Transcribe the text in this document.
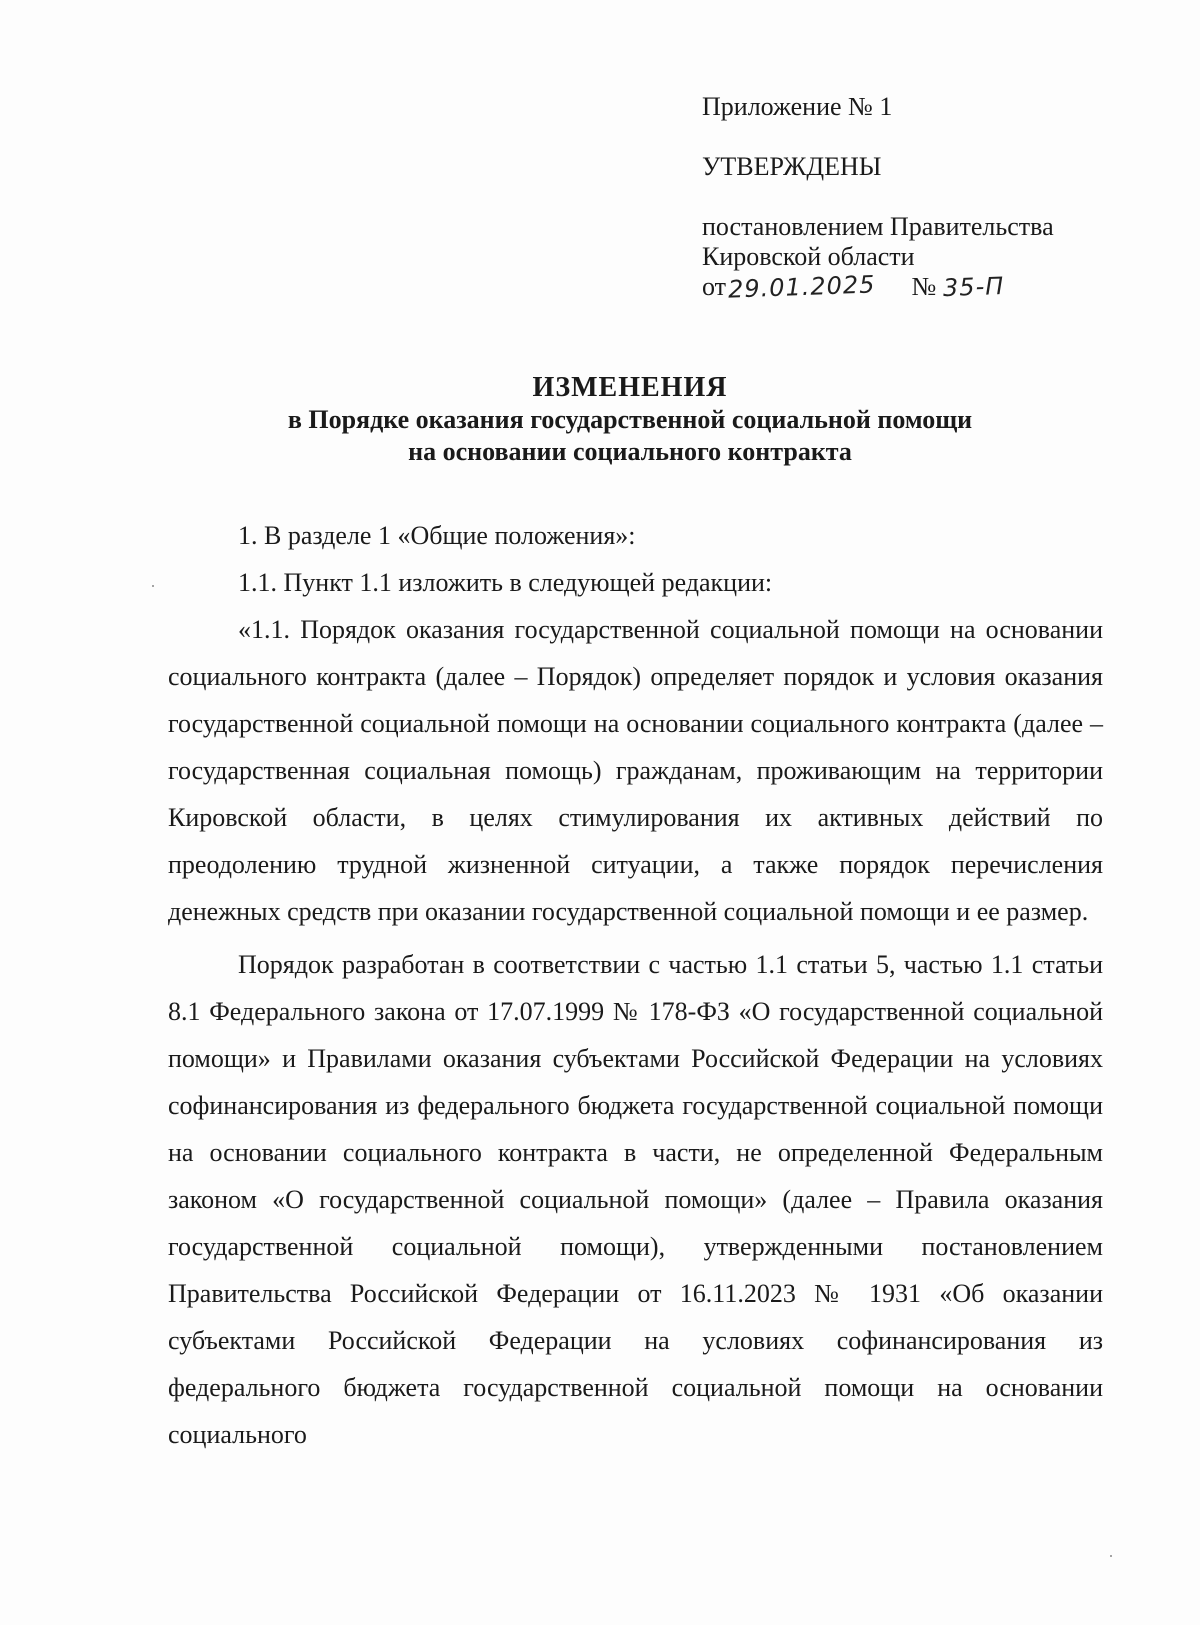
Приложение № 1
УТВЕРЖДЕНЫ
постановлением Правительства
Кировской области
от29.01.2025 № 35-П
ИЗМЕНЕНИЯ
в Порядке оказания государственной социальной помощи
на основании социального контракта

1. В разделе 1 «Общие положения»:

1.1. Пункт 1.1 изложить в следующей редакции:

«1.1. Порядок оказания государственной социальной помощи на основании социального контракта (далее – Порядок) определяет порядок и условия оказания государственной социальной помощи на основании социального контракта (далее – государственная социальная помощь) гражданам, проживающим на территории Кировской области, в целях стимулирования их активных действий по преодолению трудной жизненной ситуации, а также порядок перечисления денежных средств при оказании государственной социальной помощи и ее размер.

Порядок разработан в соответствии с частью 1.1 статьи 5, частью 1.1 статьи 8.1 Федерального закона от 17.07.1999 № 178-ФЗ «О государственной социальной помощи» и Правилами оказания субъектами Российской Федерации на условиях софинансирования из федерального бюджета государственной социальной помощи на основании социального контракта в части, не определенной Федеральным законом «О государственной социальной помощи» (далее – Правила оказания государственной социальной помощи), утвержденными постановлением Правительства Российской Федерации от 16.11.2023 № 1931 «Об оказании субъектами Российской Федерации на условиях софинансирования из федерального бюджета государственной социальной помощи на основании социального
